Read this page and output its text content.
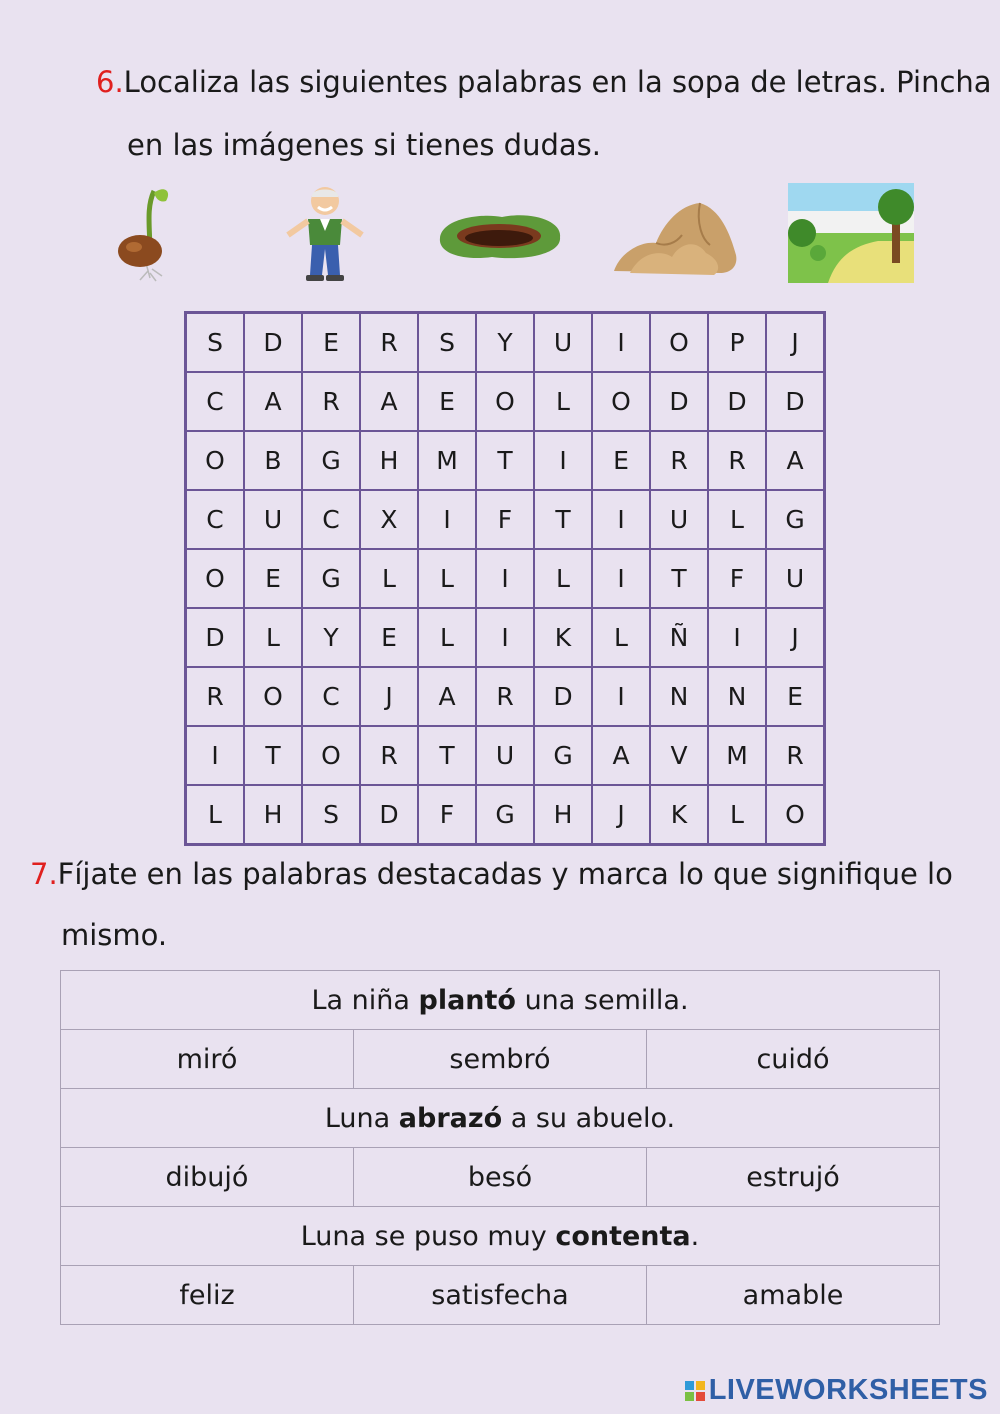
6.Localiza las siguientes palabras en la sopa de letras. Pincha
en las imágenes si tienes dudas.
S	D	E	R	S	Y	U	I	O	P	J
C	A	R	A	E	O	L	O	D	D	D
O	B	G	H	M	T	I	E	R	R	A
C	U	C	X	I	F	T	I	U	L	G
O	E	G	L	L	I	L	I	T	F	U
D	L	Y	E	L	I	K	L	Ñ	I	J
R	O	C	J	A	R	D	I	N	N	E
I	T	O	R	T	U	G	A	V	M	R
L	H	S	D	F	G	H	J	K	L	O
7.Fíjate en las palabras destacadas y marca lo que signifique lo
mismo.
La niña plantó una semilla.		
miró	sembró	cuidó
Luna abrazó a su abuelo.		
dibujó	besó	estrujó
Luna se puso muy contenta.		
feliz	satisfecha	amable
LIVEWORKSHEETS
